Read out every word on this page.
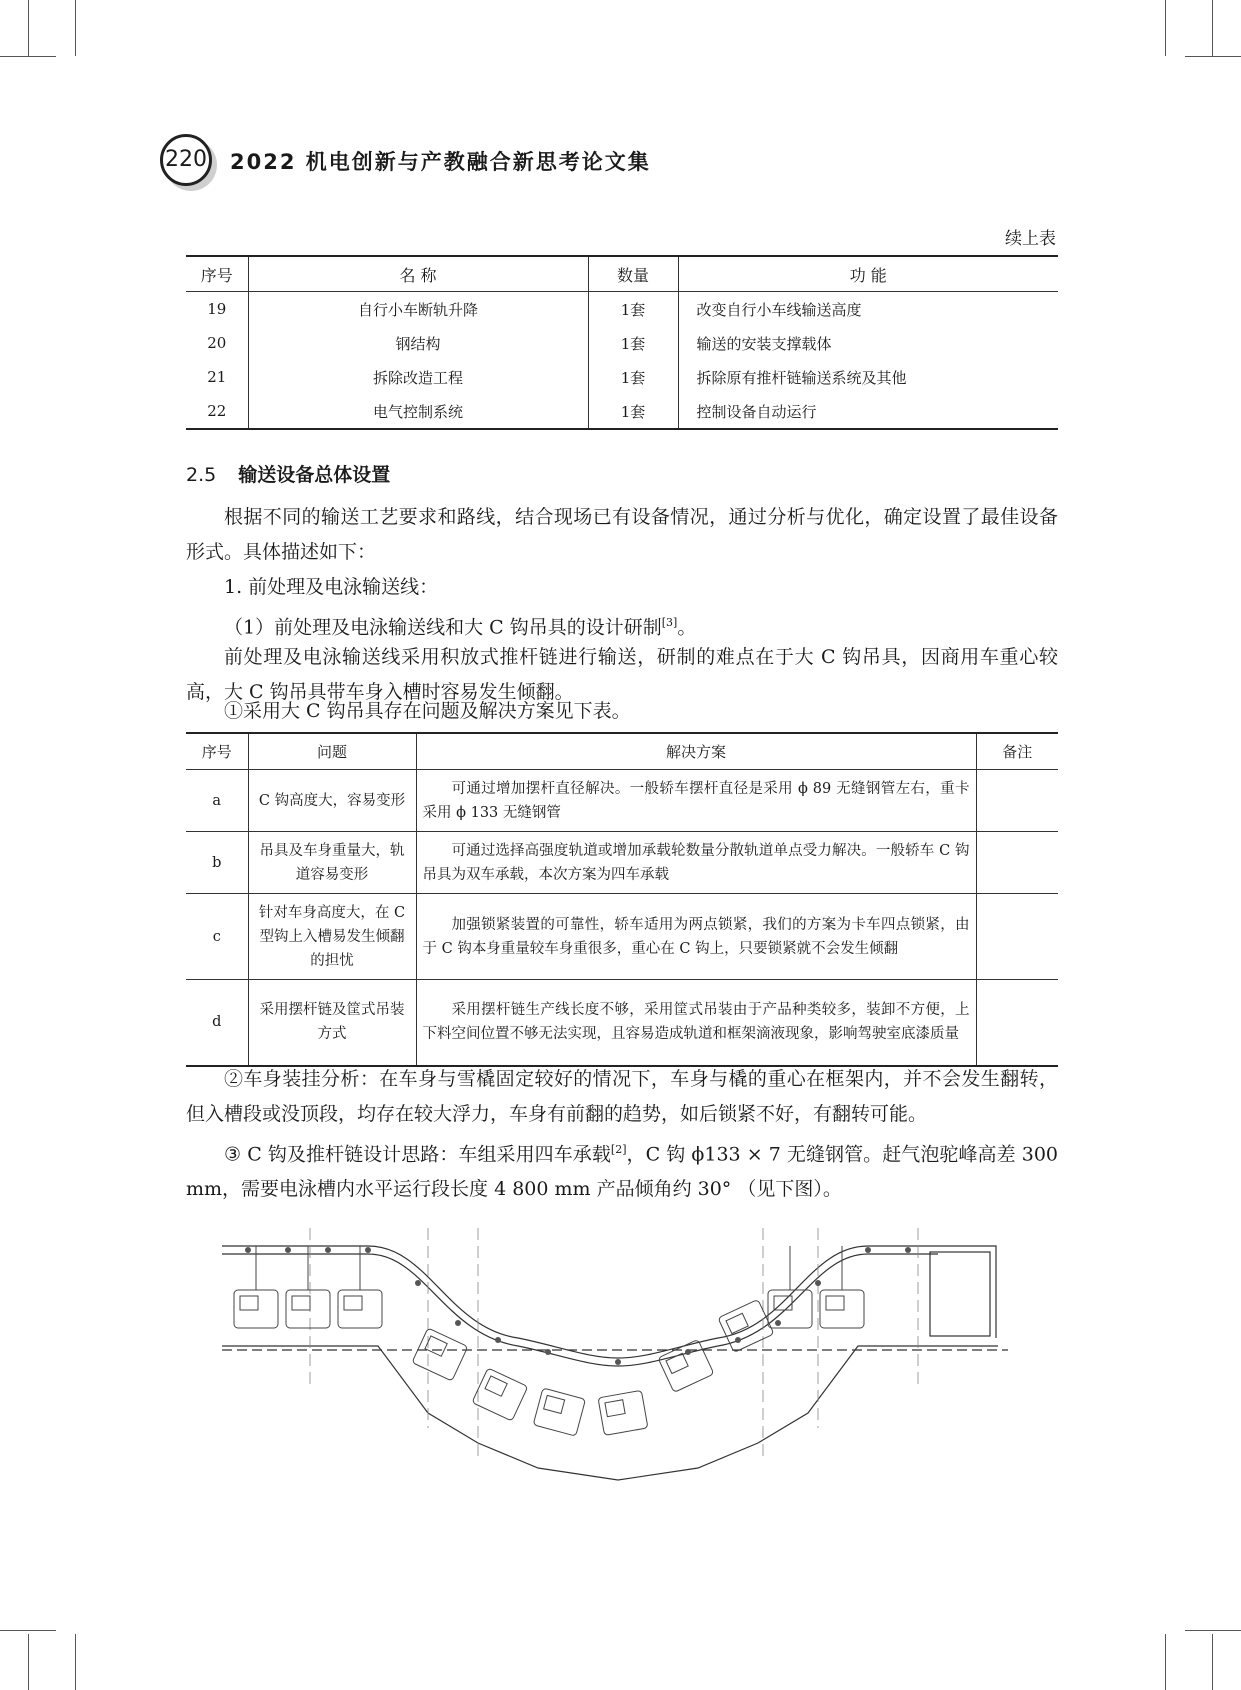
220 2022 机电创新与产教融合新思考论文集
续上表
序号	名 称	数量	功 能
19	自行小车断轨升降	1套	改变自行小车线输送高度
20	钢结构	1套	输送的安装支撑载体
21	拆除改造工程	1套	拆除原有推杆链输送系统及其他
22	电气控制系统	1套	控制设备自动运行
2.5 输送设备总体设置

根据不同的输送工艺要求和路线，结合现场已有设备情况，通过分析与优化，确定设置了最佳设备形式。具体描述如下：

1. 前处理及电泳输送线：

（1）前处理及电泳输送线和大 C 钩吊具的设计研制[3]。

前处理及电泳输送线采用积放式推杆链进行输送，研制的难点在于大 C 钩吊具，因商用车重心较高，大 C 钩吊具带车身入槽时容易发生倾翻。

①采用大 C 钩吊具存在问题及解决方案见下表。

序号	问题	解决方案	备注
a	C 钩高度大，容易变形	可通过增加摆杆直径解决。一般轿车摆杆直径是采用 ϕ 89 无缝钢管左右，重卡采用 ϕ 133 无缝钢管	
b	吊具及车身重量大，轨道容易变形	可通过选择高强度轨道或增加承载轮数量分散轨道单点受力解决。一般轿车 C 钩吊具为双车承载，本次方案为四车承载	
c	针对车身高度大，在 C 型钩上入槽易发生倾翻的担忧	加强锁紧装置的可靠性，轿车适用为两点锁紧，我们的方案为卡车四点锁紧，由于 C 钩本身重量较车身重很多，重心在 C 钩上，只要锁紧就不会发生倾翻	
d	采用摆杆链及筐式吊装方式	采用摆杆链生产线长度不够，采用筐式吊装由于产品种类较多，装卸不方便，上下料空间位置不够无法实现，且容易造成轨道和框架滴液现象，影响驾驶室底漆质量	

②车身装挂分析：在车身与雪橇固定较好的情况下，车身与橇的重心在框架内，并不会发生翻转，但入槽段或没顶段，均存在较大浮力，车身有前翻的趋势，如后锁紧不好，有翻转可能。

③ C 钩及推杆链设计思路：车组采用四车承载[2]，C 钩 ϕ133 × 7 无缝钢管。赶气泡驼峰高差 300 mm，需要电泳槽内水平运行段长度 4 800 mm 产品倾角约 30° （见下图）。
